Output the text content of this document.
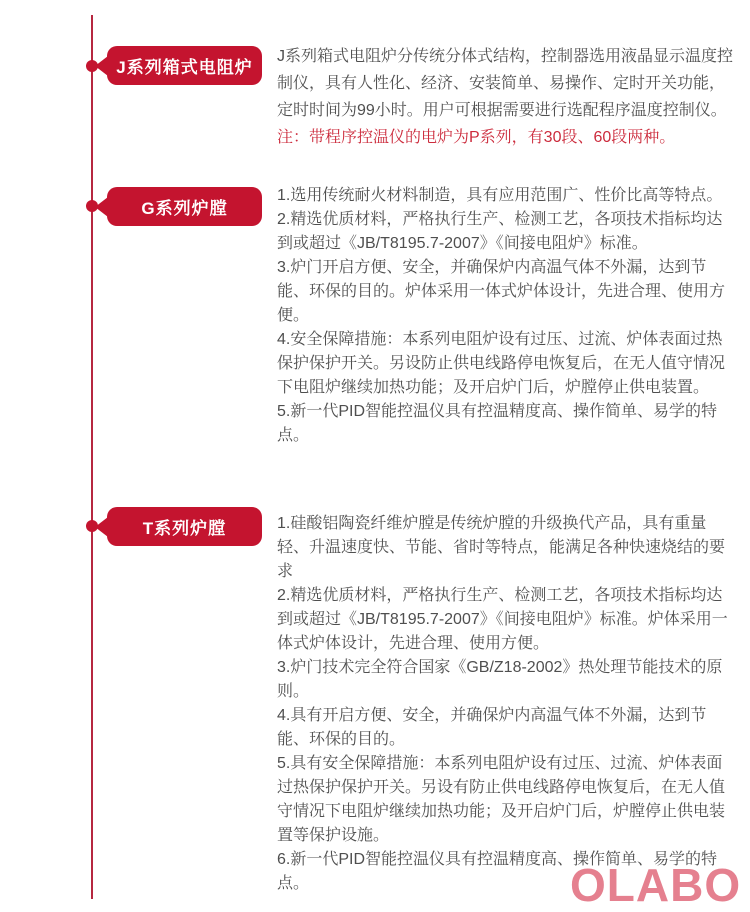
J系列箱式电阻炉
G系列炉膛
T系列炉膛

J系列箱式电阻炉分传统分体式结构，控制器选用液晶显示温度控制仪，具有人性化、经济、安装简单、易操作、定时开关功能，定时时间为99小时。用户可根据需要进行选配程序温度控制仪。

注：带程序控温仪的电炉为P系列，有30段、60段两种。

1.选用传统耐火材料制造，具有应用范围广、性价比高等特点。

2.精选优质材料，严格执行生产、检测工艺，各项技术指标均达到或超过《JB/T8195.7-2007》《间接电阻炉》标准。

3.炉门开启方便、安全，并确保炉内高温气体不外漏，达到节能、环保的目的。炉体采用一体式炉体设计，先进合理、使用方便。

4.安全保障措施：本系列电阻炉设有过压、过流、炉体表面过热保护保护开关。另设防止供电线路停电恢复后，在无人值守情况下电阻炉继续加热功能；及开启炉门后，炉膛停止供电装置。

5.新一代PID智能控温仪具有控温精度高、操作简单、易学的特点。

1.硅酸铝陶瓷纤维炉膛是传统炉膛的升级换代产品，具有重量轻、升温速度快、节能、省时等特点，能满足各种快速烧结的要求

2.精选优质材料，严格执行生产、检测工艺，各项技术指标均达到或超过《JB/T8195.7-2007》《间接电阻炉》标准。炉体采用一体式炉体设计，先进合理、使用方便。

3.炉门技术完全符合国家《GB/Z18-2002》热处理节能技术的原则。

4.具有开启方便、安全，并确保炉内高温气体不外漏，达到节能、环保的目的。

5.具有安全保障措施：本系列电阻炉设有过压、过流、炉体表面过热保护保护开关。另设有防止供电线路停电恢复后，在无人值守情况下电阻炉继续加热功能；及开启炉门后，炉膛停止供电装置等保护设施。

6.新一代PID智能控温仪具有控温精度高、操作简单、易学的特点。	OLABO
